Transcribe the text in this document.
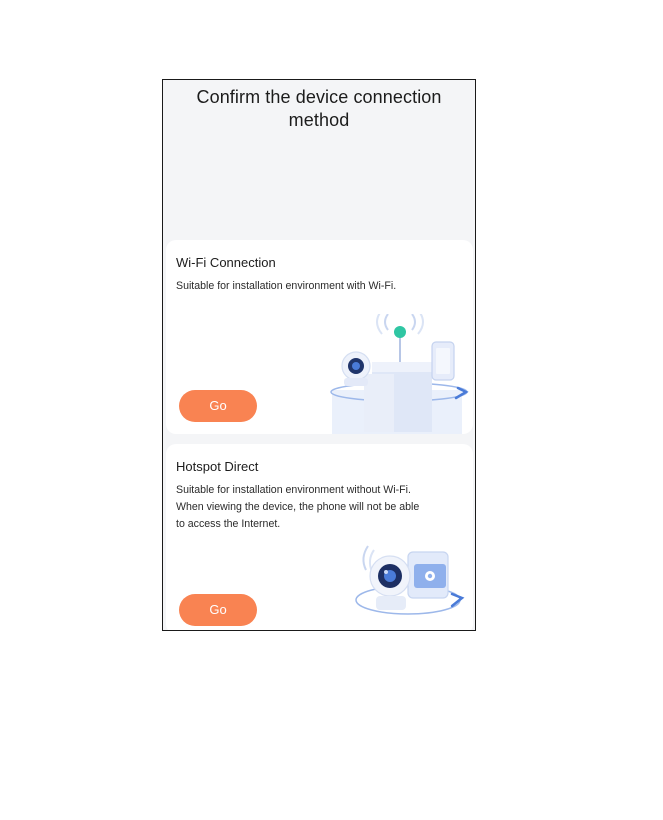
Confirm the device connection
method
Wi-Fi Connection
Suitable for installation environment with Wi-Fi.
Go
Hotspot Direct
Suitable for installation environment without Wi-Fi.
When viewing the device, the phone will not be able
to access the Internet.
Go
